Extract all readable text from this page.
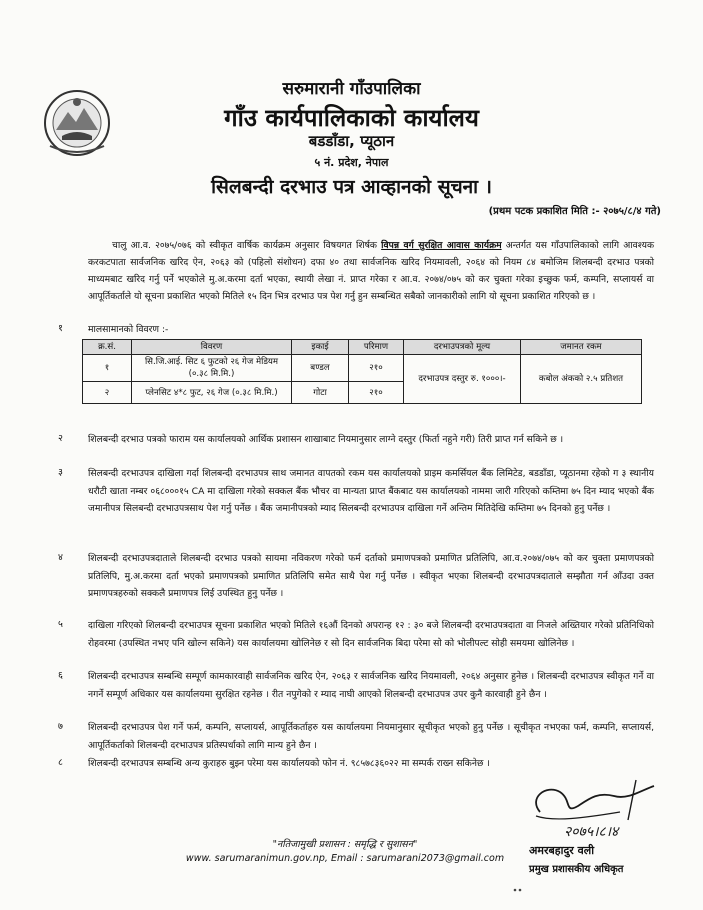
सरुमारानी गाँउपालिका
गाँउ कार्यपालिकाको कार्यालय
बडडाँडा, प्यूठान
५ नं. प्रदेश, नेपाल
सिलबन्दी दरभाउ पत्र आव्हानको सूचना ।
(प्रथम पटक प्रकाशित मिति :- २०७५/८/४ गते)
चालु आ.व. २०७५/०७६ को स्वीकृत वार्षिक कार्यक्रम अनुसार विषयगत शिर्षक विपन्न वर्ग सुरक्षित आवास कार्यक्रम अन्तर्गत यस गाँउपालिकाको लागि आवश्यक करकटपाता सार्वजनिक खरिद ऐन, २०६३ को (पहिलो संशोधन) दफा ४० तथा सार्वजनिक खरिद नियमावली, २०६४ को नियम ८४ बमोजिम शिलबन्दी दरभाउ पत्रको माध्यमबाट खरिद गर्नु पर्ने भएकोले मु.अ.करमा दर्ता भएका, स्थायी लेखा नं. प्राप्त गरेका र आ.व. २०७४/०७५ को कर चुक्ता गरेका इच्छुक फर्म, कम्पनि, सप्लायर्स वा आपूर्तिकर्ताले यो सूचना प्रकाशित भएको मितिले १५ दिन भित्र दरभाउ पत्र पेश गर्नु हुन सम्बन्धित सबैको जानकारीको लागि यो सूचना प्रकाशित गरिएको छ ।
१	मालसामानको विवरण :-
क्र.सं.	विवरण	इकाई	परिमाण	दरभाउपत्रको मूल्य	जमानत रकम
१	सि.जि.आई. सिट ६ फुटको २६ गेज मेडियम (०.३८ मि.मि.)	बण्डल	२१०	दरभाउपत्र दस्तुर रु. १०००।-	कबोल अंकको २.५ प्रतिशत
२	प्लेनसिट ४*८ फुट, २६ गेज (०.३८ मि.मि.)	गोटा	२१०		
२	शिलबन्दी दरभाउ पत्रको फाराम यस कार्यालयको आर्थिक प्रशासन शाखाबाट नियमानुसार लाग्ने दस्तुर (फिर्ता नहुने गरी) तिरी प्राप्त गर्न सकिने छ ।
३	सिलबन्दी दरभाउपत्र दाखिला गर्दा शिलबन्दी दरभाउपत्र साथ जमानत वापतको रकम यस कार्यालयको प्राइम कमर्सियल बैंक लिमिटेड, बडडाँडा, प्यूठानमा रहेको ग ३ स्थानीय धरौटी खाता नम्बर ०६८०००१५ CA मा दाखिला गरेको सक्कल बैंक भौचर वा मान्यता प्राप्त बैंकबाट यस कार्यालयको नाममा जारी गरिएको कम्तिमा ७५ दिन म्याद भएको बैंक जमानीपत्र सिलबन्दी दरभाउपत्रसाथ पेश गर्नु पर्नेछ । बैंक जमानीपत्रको म्याद सिलबन्दी दरभाउपत्र दाखिला गर्ने अन्तिम मितिदेखि कम्तिमा ७५ दिनको हुनु पर्नेछ ।
४	शिलबन्दी दरभाउपत्रदाताले शिलबन्दी दरभाउ पत्रको सायमा नविकरण गरेको फर्म दर्ताको प्रमाणपत्रको प्रमाणित प्रतिलिपि, आ.व.२०७४/०७५ को कर चुक्ता प्रमाणपत्रको प्रतिलिपि, मु.अ.करमा दर्ता भएको प्रमाणपत्रको प्रमाणित प्रतिलिपि समेत साथै पेश गर्नु पर्नेछ । स्वीकृत भएका शिलबन्दी दरभाउपत्रदाताले सम्झौता गर्न आँउदा उक्त प्रमाणपत्रहरुको सक्कलै प्रमाणपत्र लिई उपस्थित हुनु पर्नेछ ।
५	दाखिला गरिएको शिलबन्दी दरभाउपत्र सूचना प्रकाशित भएको मितिले १६औं दिनको अपरान्ह १२ : ३० बजे शिलबन्दी दरभाउपत्रदाता वा निजले अख्तियार गरेको प्रतिनिधिको रोहवरमा (उपस्थित नभए पनि खोल्न सकिने) यस कार्यालयमा खोलिनेछ र सो दिन सार्वजनिक बिदा परेमा सो को भोलीपल्ट सोही समयमा खोलिनेछ ।
६	शिलबन्दी दरभाउपत्र सम्बन्धि सम्पूर्ण कामकारवाही सार्वजनिक खरिद ऐन, २०६३ र सार्वजनिक खरिद नियमावली, २०६४ अनुसार हुनेछ । शिलबन्दी दरभाउपत्र स्वीकृत गर्ने वा नगर्ने सम्पूर्ण अधिकार यस कार्यालयमा सुरक्षित रहनेछ । रीत नपुगेको र म्याद नाघी आएको शिलबन्दी दरभाउपत्र उपर कुनै कारवाही हुने छैन ।
७	शिलबन्दी दरभाउपत्र पेश गर्ने फर्म, कम्पनि, सप्लायर्स, आपूर्तिकर्ताहरु यस कार्यालयमा नियमानुसार सूचीकृत भएको हुनु पर्नेछ । सूचीकृत नभएका फर्म, कम्पनि, सप्लायर्स, आपूर्तिकर्ताको शिलबन्दी दरभाउपत्र प्रतिस्पर्धाको लागि मान्य हुने छैन ।
८	शिलबन्दी दरभाउपत्र सम्बन्धि अन्य कुराहरु बुझ्न परेमा यस कार्यालयको फोन नं. ९८५७८३६०२२ मा सम्पर्क राख्न सकिनेछ ।
२०७५।८।४
अमरबहादुर वली
प्रमुख प्रशासकीय अधिकृत
"नतिजामुखी प्रशासन : समृद्धि र सुशासन"
www. sarumaranimun.gov.np, Email : sarumarani2073@gmail.com
